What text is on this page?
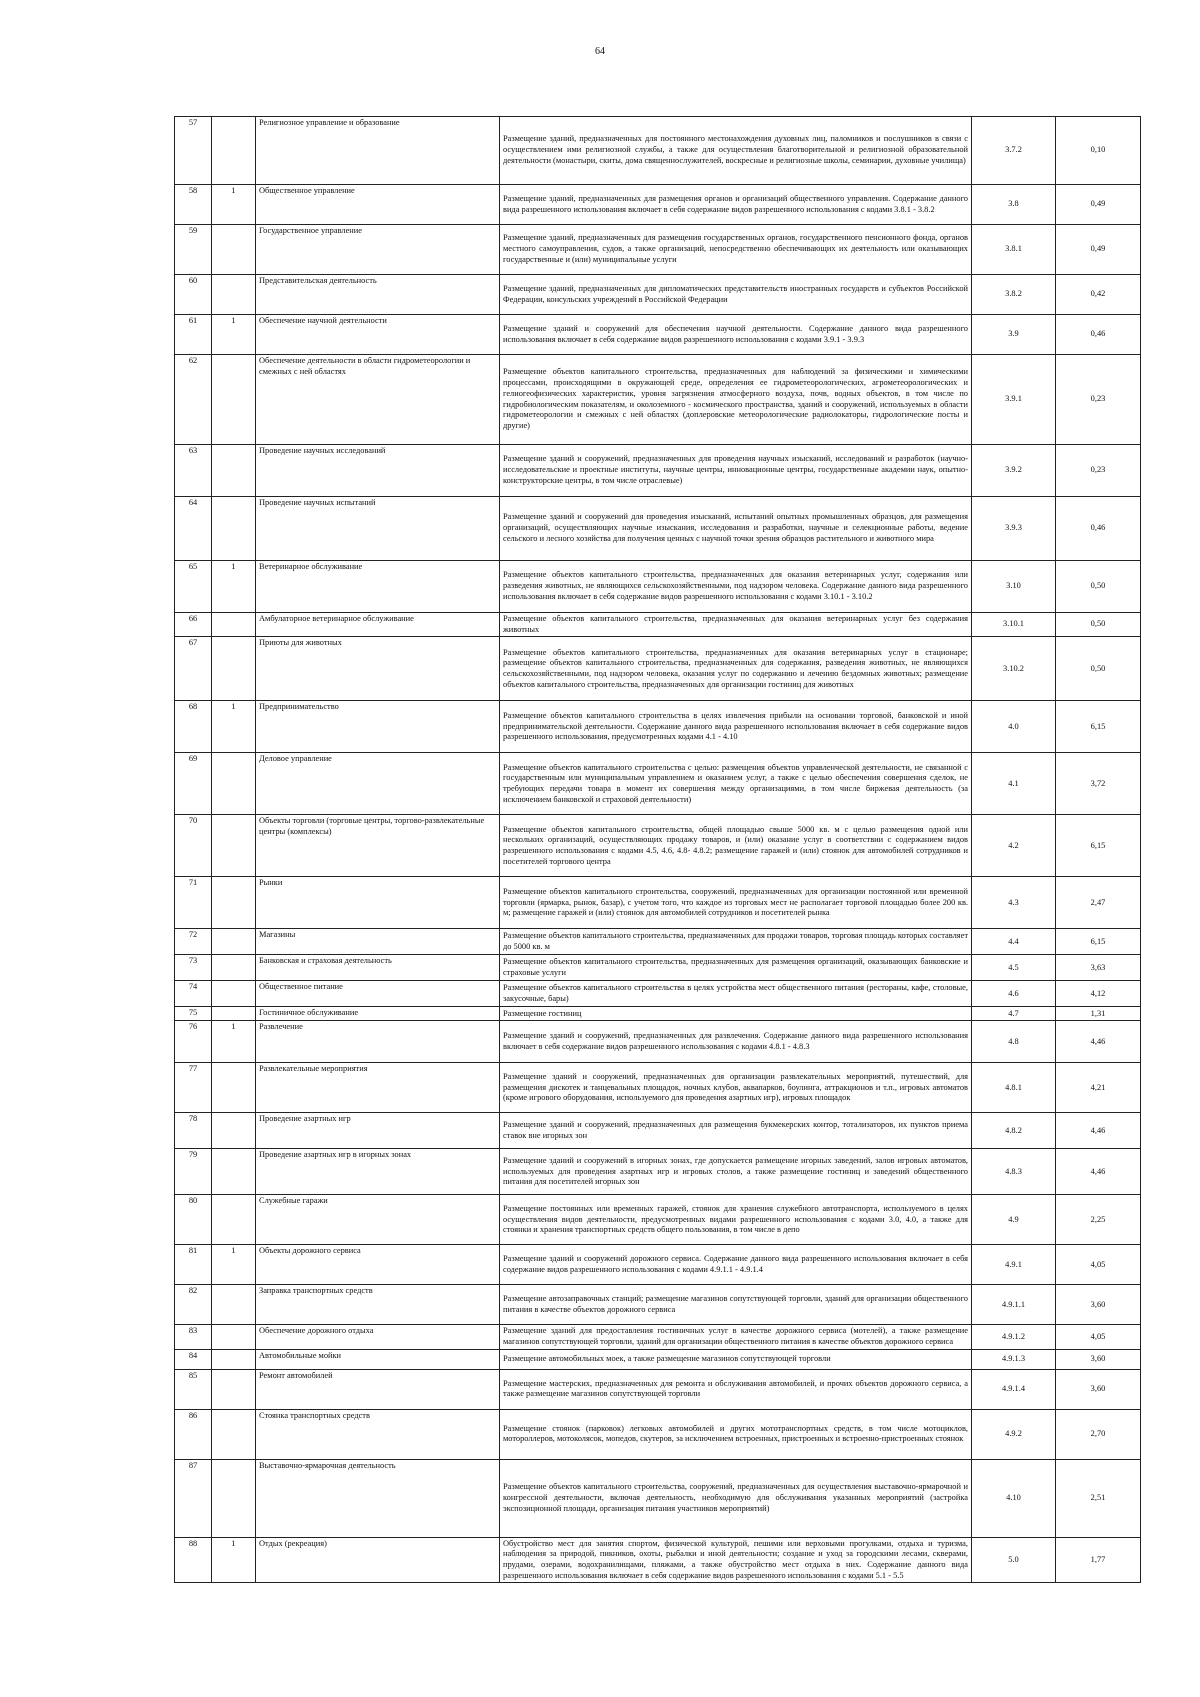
64
57		Религиозное управление и образование	Размещение зданий, предназначенных для постоянного местонахождения духовных лиц, паломников и послушников в связи с осуществлением ими религиозной службы, а также для осуществления благотворительной и религиозной образовательной деятельности (монастыри, скиты, дома священнослужителей, воскресные и религиозные школы, семинарии, духовные училища)	3.7.2	0,10
58	1	Общественное управление	Размещение зданий, предназначенных для размещения органов и организаций общественного управления. Содержание данного вида разрешенного использования включает в себя содержание видов разрешенного использования с кодами 3.8.1 - 3.8.2	3.8	0,49
59		Государственное управление	Размещение зданий, предназначенных для размещения государственных органов, государственного пенсионного фонда, органов местного самоуправления, судов, а также организаций, непосредственно обеспечивающих их деятельность или оказывающих государственные и (или) муниципальные услуги	3.8.1	0,49
60		Представительская деятельность	Размещение зданий, предназначенных для дипломатических представительств иностранных государств и субъектов Российской Федерации, консульских учреждений в Российской Федерации	3.8.2	0,42
61	1	Обеспечение научной деятельности	Размещение зданий и сооружений для обеспечения научной деятельности. Содержание данного вида разрешенного использования включает в себя содержание видов разрешенного использования с кодами 3.9.1 - 3.9.3	3.9	0,46
62		Обеспечение деятельности в области гидрометеорологии и смежных с ней областях	Размещение объектов капитального строительства, предназначенных для наблюдений за физическими и химическими процессами, происходящими в окружающей среде, определения ее гидрометеорологических, агрометеорологических и гелиогеофизических характеристик, уровня загрязнения атмосферного воздуха, почв, водных объектов, в том числе по гидробиологическим показателям, и околоземного - космического пространства, зданий и сооружений, используемых в области гидрометеорологии и смежных с ней областях (доплеровские метеорологические радиолокаторы, гидрологические посты и другие)	3.9.1	0,23
63		Проведение научных исследований	Размещение зданий и сооружений, предназначенных для проведения научных изысканий, исследований и разработок (научно-исследовательские и проектные институты, научные центры, инновационные центры, государственные академии наук, опытно-конструкторские центры, в том числе отраслевые)	3.9.2	0,23
64		Проведение научных испытаний	Размещение зданий и сооружений для проведения изысканий, испытаний опытных промышленных образцов, для размещения организаций, осуществляющих научные изыскания, исследования и разработки, научные и селекционные работы, ведение сельского и лесного хозяйства для получения ценных с научной точки зрения образцов растительного и животного мира	3.9.3	0,46
65	1	Ветеринарное обслуживание	Размещение объектов капитального строительства, предназначенных для оказания ветеринарных услуг, содержания или разведения животных, не являющихся сельскохозяйственными, под надзором человека. Содержание данного вида разрешенного использования включает в себя содержание видов разрешенного использования с кодами 3.10.1 - 3.10.2	3.10	0,50
66		Амбулаторное ветеринарное обслуживание	Размещение объектов капитального строительства, предназначенных для оказания ветеринарных услуг без содержания животных	3.10.1	0,50
67		Приюты для животных	Размещение объектов капитального строительства, предназначенных для оказания ветеринарных услуг в стационаре; размещение объектов капитального строительства, предназначенных для содержания, разведения животных, не являющихся сельскохозяйственными, под надзором человека, оказания услуг по содержанию и лечению бездомных животных; размещение объектов капитального строительства, предназначенных для организации гостиниц для животных	3.10.2	0,50
68	1	Предпринимательство	Размещение объектов капитального строительства в целях извлечения прибыли на основании торговой, банковской и иной предпринимательской деятельности. Содержание данного вида разрешенного использования включает в себя содержание видов разрешенного использования, предусмотренных кодами 4.1 - 4.10	4.0	6,15
69		Деловое управление	Размещение объектов капитального строительства с целью: размещения объектов управленческой деятельности, не связанной с государственным или муниципальным управлением и оказанием услуг, а также с целью обеспечения совершения сделок, не требующих передачи товара в момент их совершения между организациями, в том числе биржевая деятельность (за исключением банковской и страховой деятельности)	4.1	3,72
70		Объекты торговли (торговые центры, торгово-развлекательные центры (комплексы)	Размещение объектов капитального строительства, общей площадью свыше 5000 кв. м с целью размещения одной или нескольких организаций, осуществляющих продажу товаров, и (или) оказание услуг в соответствии с содержанием видов разрешенного использования с кодами 4.5, 4.6, 4.8- 4.8.2; размещение гаражей и (или) стоянок для автомобилей сотрудников и посетителей торгового центра	4.2	6,15
71		Рынки	Размещение объектов капитального строительства, сооружений, предназначенных для организации постоянной или временной торговли (ярмарка, рынок, базар), с учетом того, что каждое из торговых мест не располагает торговой площадью более 200 кв. м; размещение гаражей и (или) стоянок для автомобилей сотрудников и посетителей рынка	4.3	2,47
72		Магазины	Размещение объектов капитального строительства, предназначенных для продажи товаров, торговая площадь которых составляет до 5000 кв. м	4.4	6,15
73		Банковская и страховая деятельность	Размещение объектов капитального строительства, предназначенных для размещения организаций, оказывающих банковские и страховые услуги	4.5	3,63
74		Общественное питание	Размещение объектов капитального строительства в целях устройства мест общественного питания (рестораны, кафе, столовые, закусочные, бары)	4.6	4,12
75		Гостиничное обслуживание	Размещение гостиниц	4.7	1,31
76	1	Развлечение	Размещение зданий и сооружений, предназначенных для развлечения. Содержание данного вида разрешенного использования включает в себя содержание видов разрешенного использования с кодами 4.8.1 - 4.8.3	4.8	4,46
77		Развлекательные мероприятия	Размещение зданий и сооружений, предназначенных для организации развлекательных мероприятий, путешествий, для размещения дискотек и танцевальных площадок, ночных клубов, аквапарков, боулинга, аттракционов и т.п., игровых автоматов (кроме игрового оборудования, используемого для проведения азартных игр), игровых площадок	4.8.1	4,21
78		Проведение азартных игр	Размещение зданий и сооружений, предназначенных для размещения букмекерских контор, тотализаторов, их пунктов приема ставок вне игорных зон	4.8.2	4,46
79		Проведение азартных игр в игорных зонах	Размещение зданий и сооружений в игорных зонах, где допускается размещение игорных заведений, залов игровых автоматов, используемых для проведения азартных игр и игровых столов, а также размещение гостиниц и заведений общественного питания для посетителей игорных зон	4.8.3	4,46
80		Служебные гаражи	Размещение постоянных или временных гаражей, стоянок для хранения служебного автотранспорта, используемого в целях осуществления видов деятельности, предусмотренных видами разрешенного использования с кодами 3.0, 4.0, а также для стоянки и хранения транспортных средств общего пользования, в том числе в депо	4.9	2,25
81	1	Объекты дорожного сервиса	Размещение зданий и сооружений дорожного сервиса. Содержание данного вида разрешенного использования включает в себя содержание видов разрешенного использования с кодами 4.9.1.1 - 4.9.1.4	4.9.1	4,05
82		Заправка транспортных средств	Размещение автозаправочных станций; размещение магазинов сопутствующей торговли, зданий для организации общественного питания в качестве объектов дорожного сервиса	4.9.1.1	3,60
83		Обеспечение дорожного отдыха	Размещение зданий для предоставления гостиничных услуг в качестве дорожного сервиса (мотелей), а также размещение магазинов сопутствующей торговли, зданий для организации общественного питания в качестве объектов дорожного сервиса	4.9.1.2	4,05
84		Автомобильные мойки	Размещение автомобильных моек, а также размещение магазинов сопутствующей торговли	4.9.1.3	3,60
85		Ремонт автомобилей	Размещение мастерских, предназначенных для ремонта и обслуживания автомобилей, и прочих объектов дорожного сервиса, а также размещение магазинов сопутствующей торговли	4.9.1.4	3,60
86		Стоянка транспортных средств	Размещение стоянок (парковок) легковых автомобилей и других мототранспортных средств, в том числе мотоциклов, мотороллеров, мотоколясок, мопедов, скутеров, за исключением встроенных, пристроенных и встроенно-пристроенных стоянок	4.9.2	2,70
87		Выставочно-ярмарочная деятельность	Размещение объектов капитального строительства, сооружений, предназначенных для осуществления выставочно-ярмарочной и конгрессной деятельности, включая деятельность, необходимую для обслуживания указанных мероприятий (застройка экспозиционной площади, организация питания участников мероприятий)	4.10	2,51
88	1	Отдых (рекреация)	Обустройство мест для занятия спортом, физической культурой, пешими или верховыми прогулками, отдыха и туризма, наблюдения за природой, пикников, охоты, рыбалки и иной деятельности; создание и уход за городскими лесами, скверами, прудами, озерами, водохранилищами, пляжами, а также обустройство мест отдыха в них. Содержание данного вида разрешенного использования включает в себя содержание видов разрешенного использования с кодами 5.1 - 5.5	5.0	1,77
